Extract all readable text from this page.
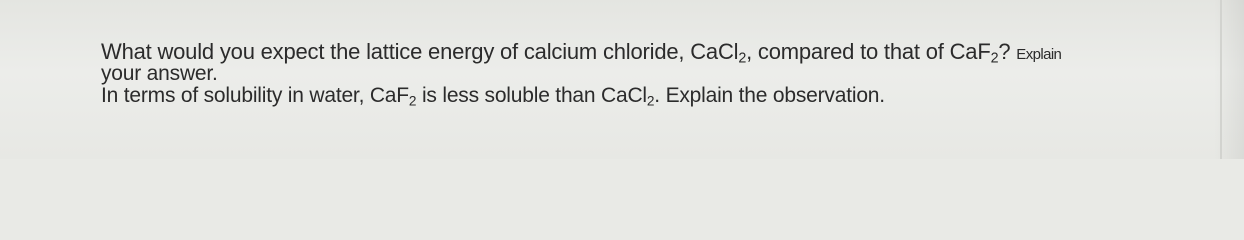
What would you expect the lattice energy of calcium chloride, CaCl$_2$, compared to that of CaF$_2$? Explain
your answer.
In terms of solubility in water, CaF$_2$ is less soluble than CaCl$_2$. Explain the observation.
